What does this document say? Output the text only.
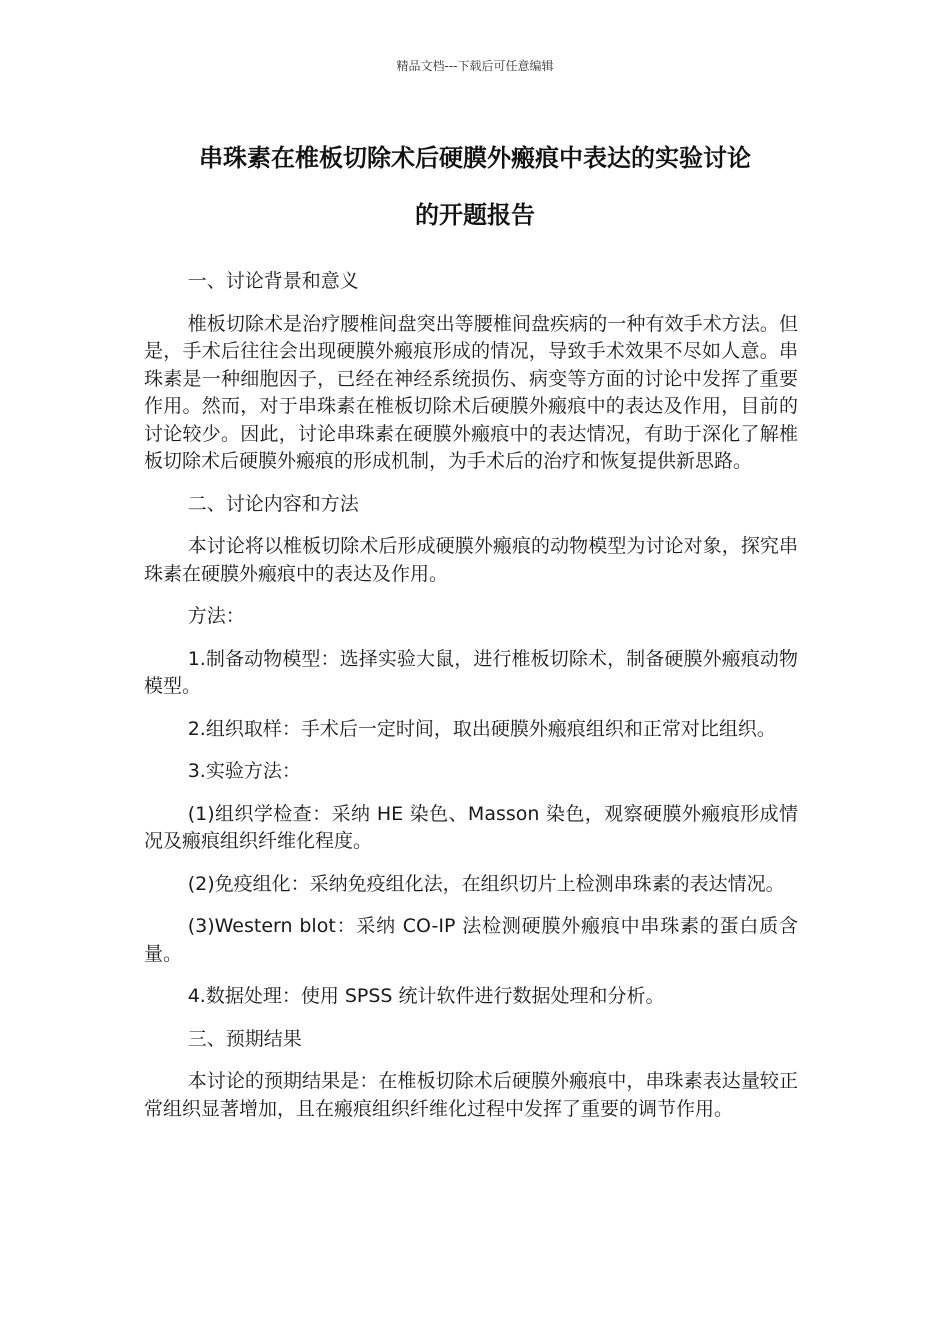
精品文档---下载后可任意编辑
串珠素在椎板切除术后硬膜外瘢痕中表达的实验讨论
的开题报告

一、讨论背景和意义

椎板切除术是治疗腰椎间盘突出等腰椎间盘疾病的一种有效手术方法。但是，手术后往往会出现硬膜外瘢痕形成的情况，导致手术效果不尽如人意。串珠素是一种细胞因子，已经在神经系统损伤、病变等方面的讨论中发挥了重要作用。然而，对于串珠素在椎板切除术后硬膜外瘢痕中的表达及作用，目前的讨论较少。因此，讨论串珠素在硬膜外瘢痕中的表达情况，有助于深化了解椎板切除术后硬膜外瘢痕的形成机制，为手术后的治疗和恢复提供新思路。

二、讨论内容和方法

本讨论将以椎板切除术后形成硬膜外瘢痕的动物模型为讨论对象，探究串珠素在硬膜外瘢痕中的表达及作用。

方法：

1.制备动物模型：选择实验大鼠，进行椎板切除术，制备硬膜外瘢痕动物模型。

2.组织取样：手术后一定时间，取出硬膜外瘢痕组织和正常对比组织。

3.实验方法：

(1)组织学检查：采纳 HE 染色、Masson 染色，观察硬膜外瘢痕形成情况及瘢痕组织纤维化程度。

(2)免疫组化：采纳免疫组化法，在组织切片上检测串珠素的表达情况。

(3)Western blot：采纳 CO-IP 法检测硬膜外瘢痕中串珠素的蛋白质含量。

4.数据处理：使用 SPSS 统计软件进行数据处理和分析。

三、预期结果

本讨论的预期结果是：在椎板切除术后硬膜外瘢痕中，串珠素表达量较正常组织显著增加，且在瘢痕组织纤维化过程中发挥了重要的调节作用。
